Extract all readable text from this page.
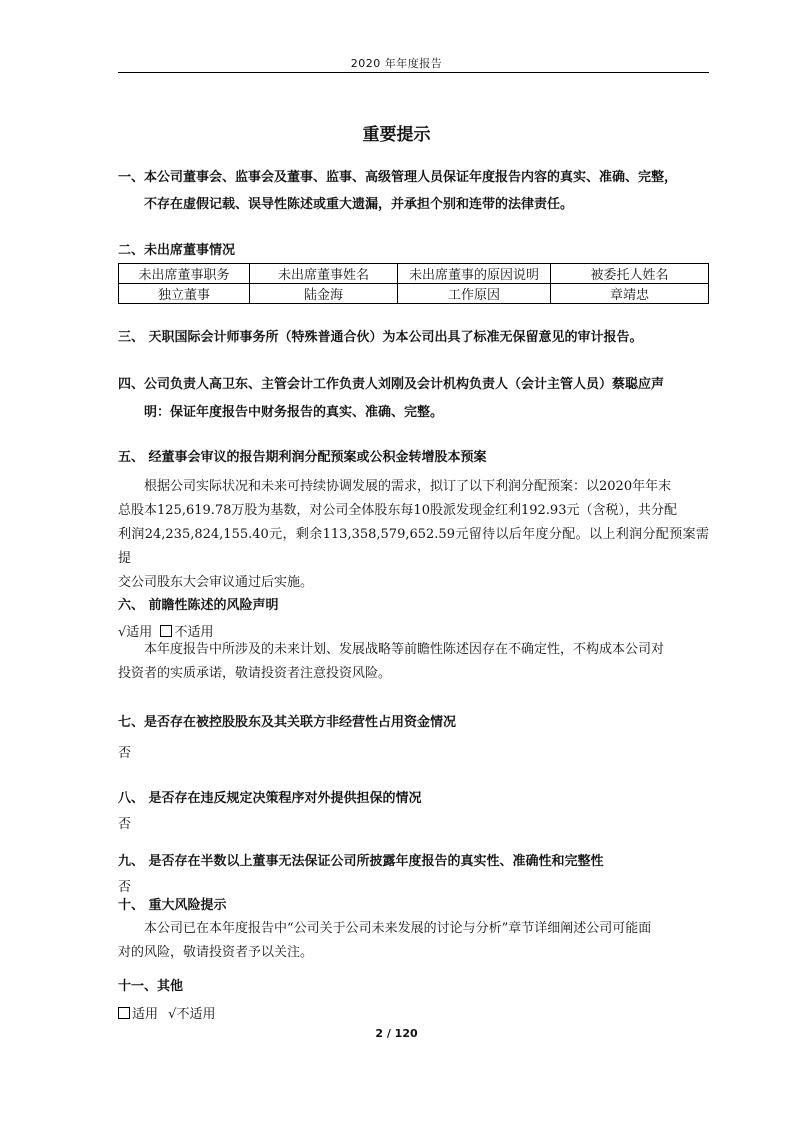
2020 年年度报告
重要提示
一、本公司董事会、监事会及董事、监事、高级管理人员保证年度报告内容的真实、准确、完整，
不存在虚假记载、误导性陈述或重大遗漏，并承担个别和连带的法律责任。
二、未出席董事情况
未出席董事职务	未出席董事姓名	未出席董事的原因说明	被委托人姓名
独立董事	陆金海	工作原因	章靖忠
三、 天职国际会计师事务所（特殊普通合伙）为本公司出具了标准无保留意见的审计报告。
四、公司负责人高卫东、主管会计工作负责人刘刚及会计机构负责人（会计主管人员）蔡聪应声
明：保证年度报告中财务报告的真实、准确、完整。
五、 经董事会审议的报告期利润分配预案或公积金转增股本预案
根据公司实际状况和未来可持续协调发展的需求，拟订了以下利润分配预案：以2020年年末
总股本125,619.78万股为基数，对公司全体股东每10股派发现金红利192.93元（含税），共分配
利润24,235,824,155.40元，剩余113,358,579,652.59元留待以后年度分配。以上利润分配预案需提
交公司股东大会审议通过后实施。
六、 前瞻性陈述的风险声明
√适用 不适用
本年度报告中所涉及的未来计划、发展战略等前瞻性陈述因存在不确定性，不构成本公司对
投资者的实质承诺，敬请投资者注意投资风险。
七、是否存在被控股股东及其关联方非经营性占用资金情况
否
八、 是否存在违反规定决策程序对外提供担保的情况
否
九、 是否存在半数以上董事无法保证公司所披露年度报告的真实性、准确性和完整性
否
十、 重大风险提示
本公司已在本年度报告中“公司关于公司未来发展的讨论与分析”章节详细阐述公司可能面
对的风险，敬请投资者予以关注。
十一、其他
适用 √不适用
2 / 120
